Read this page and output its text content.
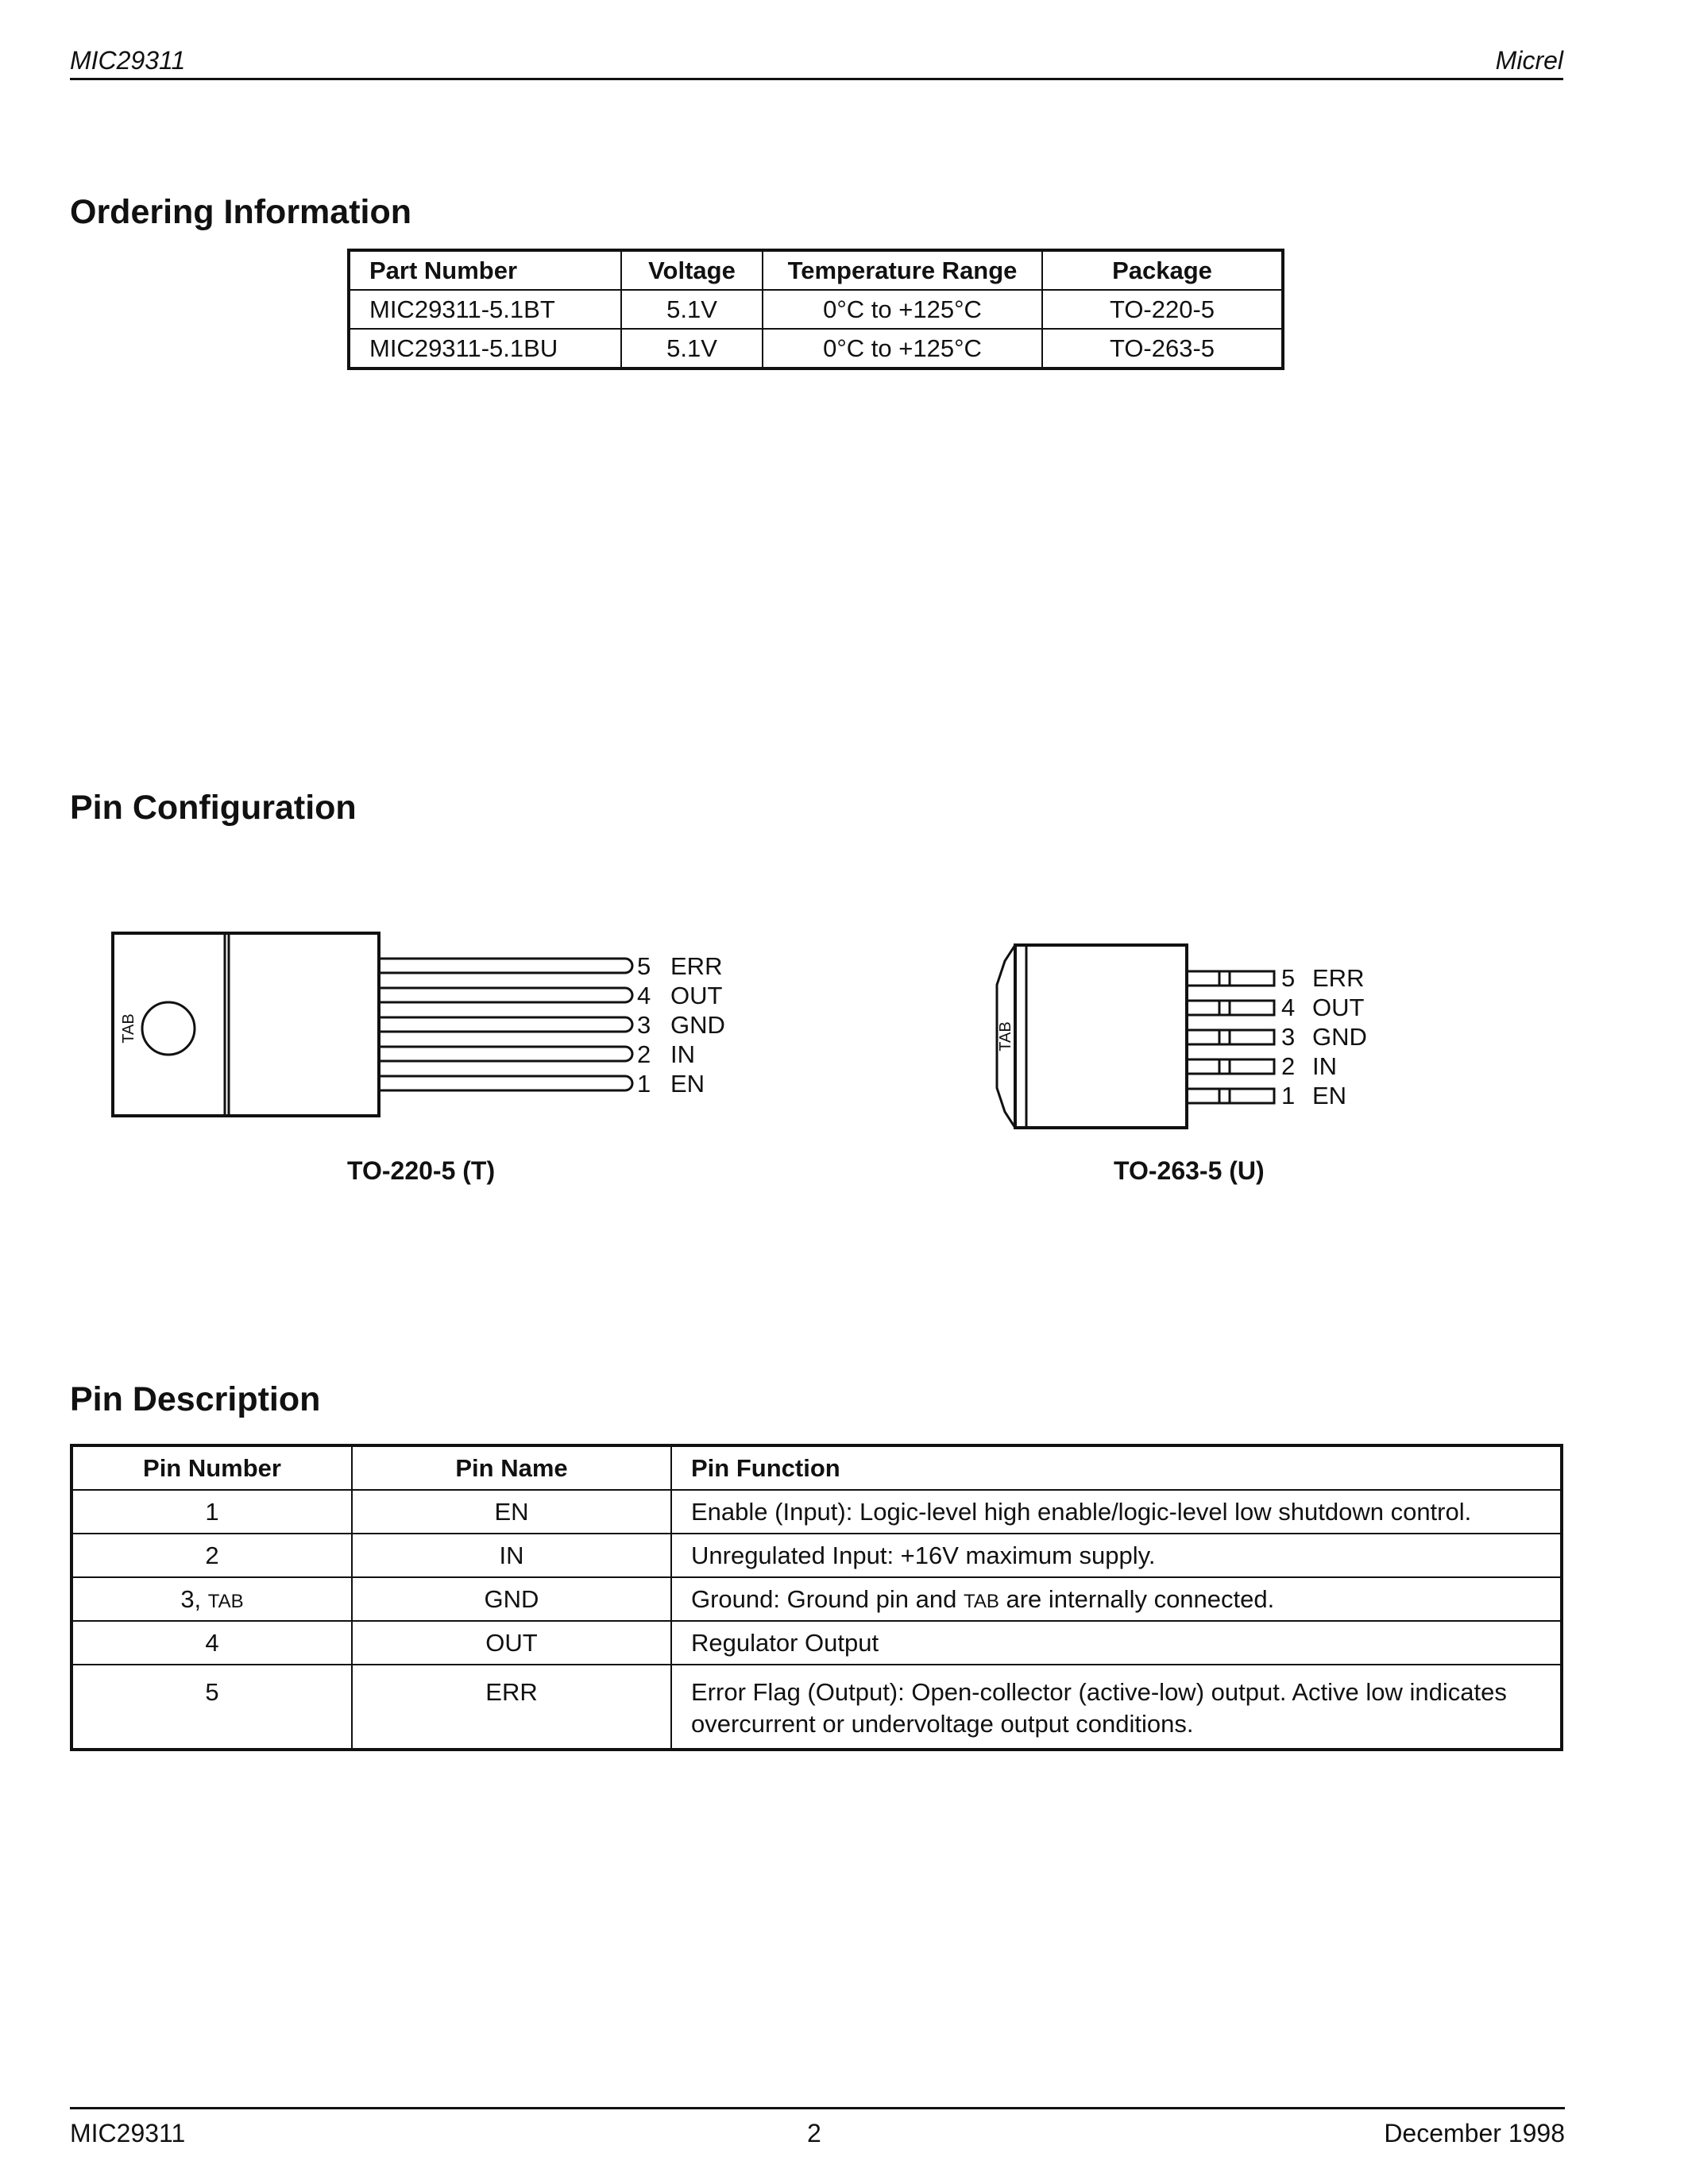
MIC29311	Micrel
Ordering Information
Part Number	Voltage	Temperature Range	Package
MIC29311-5.1BT	5.1V	0°C to +125°C	TO-220-5
MIC29311-5.1BU	5.1V	0°C to +125°C	TO-263-5
Pin Configuration
TAB
5 ERR
4 OUT
3 GND
2 IN
1 EN
TO-220-5 (T)
TAB
5 ERR
4 OUT
3 GND
2 IN
1 EN
TO-263-5 (U)
Pin Description
Pin Number	Pin Name	Pin Function
1	EN	Enable (Input): Logic-level high enable/logic-level low shutdown control.
2	IN	Unregulated Input: +16V maximum supply.
3, TAB	GND	Ground: Ground pin and TAB are internally connected.
4	OUT	Regulator Output
5	ERR	Error Flag (Output): Open-collector (active-low) output. Active low indicates
overcurrent or undervoltage output conditions.
MIC29311	2	December 1998
